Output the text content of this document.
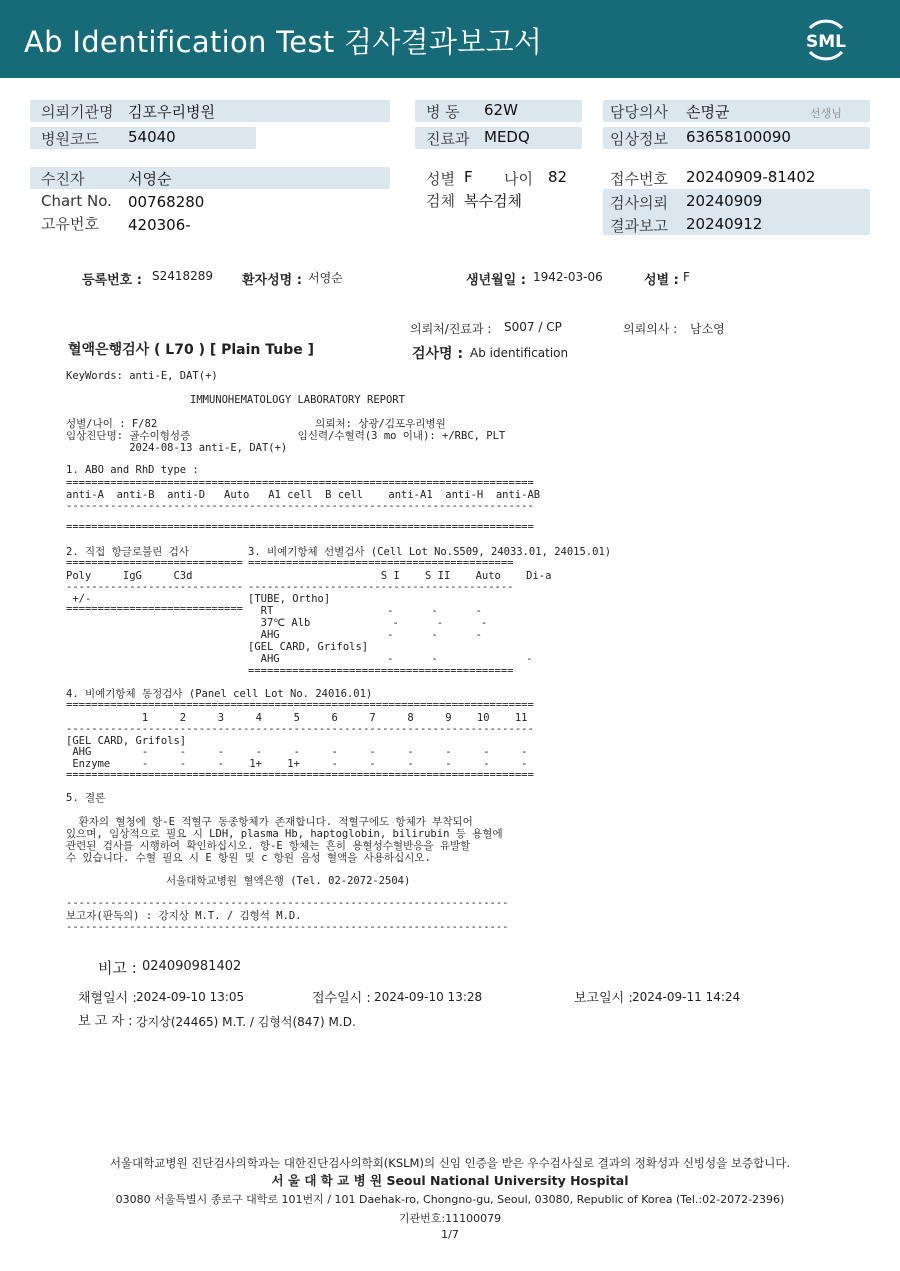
Ab Identification Test 검사결과보고서	SML
의뢰기관명 김포우리병원
병원코드 54040
병 동 62W
진료과 MEDQ
담당의사 손명균	선생님
임상정보 63658100090
수진자	서영순
Chart No. 00768280
고유번호 420306-
성별 F 나이 82
검체 복수검체
접수번호 20240909-81402
검사의뢰 20240909
결과보고 20240912
등록번호 : S2418289 환자성명 : 서영순	생년월일 : 1942-03-06	성별 : F
의뢰처/진료과 : S007 / CP	의뢰의사 : 남소영
혈액은행검사 ( L70 ) [ Plain Tube ]	검사명 : Ab identification
KeyWords: anti-E, DAT(+)
IMMUNOHEMATOLOGY LABORATORY REPORT
성별/나이 : F/82                         의뢰처: 상광/김포우리병원
임상진단명: 골수이형성증                 임신력/수혈력(3 mo 이내): +/RBC, PLT
2024-08-13 anti-E, DAT(+)
1. ABO and RhD type :
==========================================================================
anti-A  anti-B  anti-D   Auto   A1 cell  B cell    anti-A1  anti-H  anti-AB
--------------------------------------------------------------------------
==========================================================================
2. 직접 항글로불린 검사
============================
Poly     IgG     C3d
----------------------------
+/-
============================
3. 비예기항체 선별검사 (Cell Lot No.S509, 24033.01, 24015.01)
==========================================
S I    S II    Auto    Di-a
------------------------------------------
[TUBE, Ortho]
RT                  -      -      -
37℃ Alb             -      -      -
AHG                 -      -      -
[GEL CARD, Grifols]
AHG                 -      -              -
==========================================
4. 비예기항체 동정검사 (Panel cell Lot No. 24016.01)
==========================================================================
1     2     3     4     5     6     7     8     9    10    11
--------------------------------------------------------------------------
[GEL CARD, Grifols]
AHG        -     -     -     -     -     -     -     -     -     -     -
Enzyme     -     -     -    1+    1+     -     -     -     -     -     -
==========================================================================
5. 결론
환자의 혈청에 항-E 적혈구 동종항체가 존재합니다. 적혈구에도 항체가 부착되어
있으며, 임상적으로 필요 시 LDH, plasma Hb, haptoglobin, bilirubin 등 용혈에
관련된 검사를 시행하여 확인하십시오. 항-E 항체는 흔히 용혈성수혈반응을 유발할
수 있습니다. 수혈 필요 시 E 항원 및 c 항원 음성 혈액을 사용하십시오.
서울대학교병원 혈액은행 (Tel. 02-2072-2504)
----------------------------------------------------------------------
보고자(판독의) : 강지상 M.T. / 김형석 M.D.
----------------------------------------------------------------------
비고 : 024090981402
채혈일시 : 2024-09-10 13:05	접수일시 : 2024-09-10 13:28	보고일시 : 2024-09-11 14:24
보 고 자 : 강지상(24465) M.T. / 김형석(847) M.D.
서울대학교병원 진단검사의학과는 대한진단검사의학회(KSLM)의 신임 인증을 받은 우수검사실로 결과의 정확성과 신빙성을 보증합니다.
서 울 대 학 교 병 원 Seoul National University Hospital
03080 서울특별시 종로구 대학로 101번지 / 101 Daehak-ro, Chongno-gu, Seoul, 03080, Republic of Korea (Tel.:02-2072-2396)
기관번호:11100079
1/7
